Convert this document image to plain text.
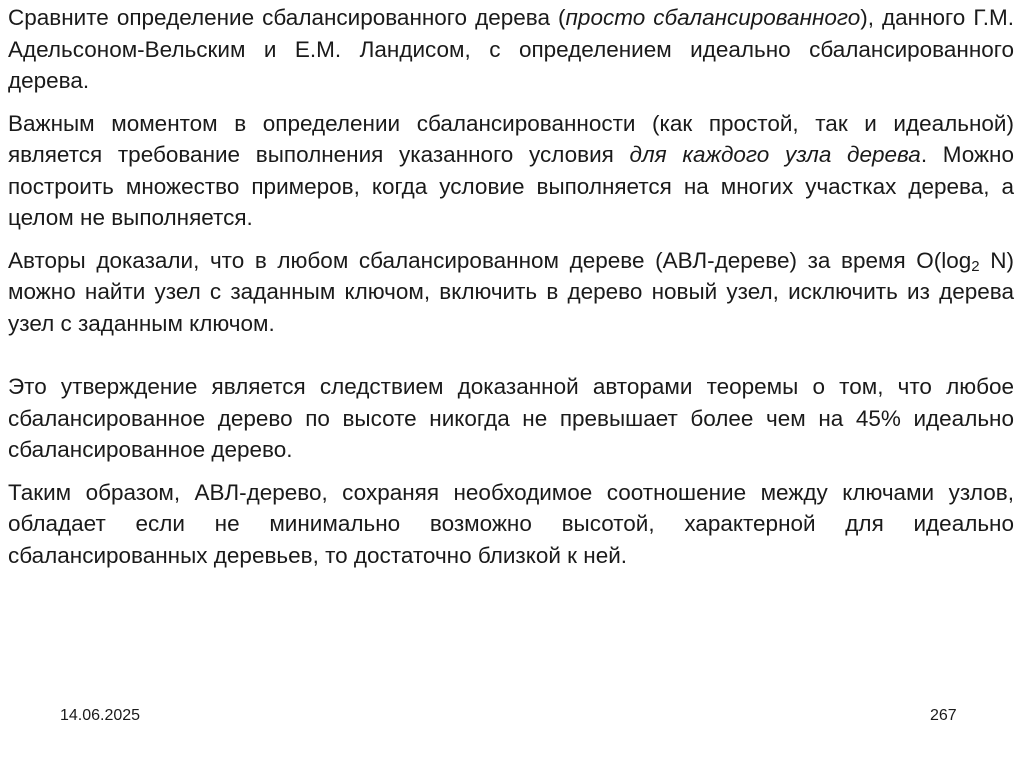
Сравните определение сбалансированного дерева (просто сбалансированного), данного Г.М. Адельсоном-Вельским и Е.М. Ландисом, с определением идеально сбалансированного дерева.

Важным моментом в определении сбалансированности (как простой, так и идеальной) является требование выполнения указанного условия для каждого узла дерева. Можно построить множество примеров, когда условие выполняется на многих участках дерева, а целом не выполняется.

Авторы доказали, что в любом сбалансированном дереве (АВЛ-дереве) за время $O(\log_2$ N) можно найти узел с заданным ключом, включить в дерево новый узел, исключить из дерева узел с заданным ключом.

Это утверждение является следствием доказанной авторами теоремы о том, что любое сбалансированное дерево по высоте никогда не превышает более чем на 45% идеально сбалансированное дерево.

Таким образом, АВЛ-дерево, сохраняя необходимое соотношение между ключами узлов, обладает если не минимально возможно высотой, характерной для идеально сбалансированных деревьев, то достаточно близкой к ней.

14.06.2025	267
